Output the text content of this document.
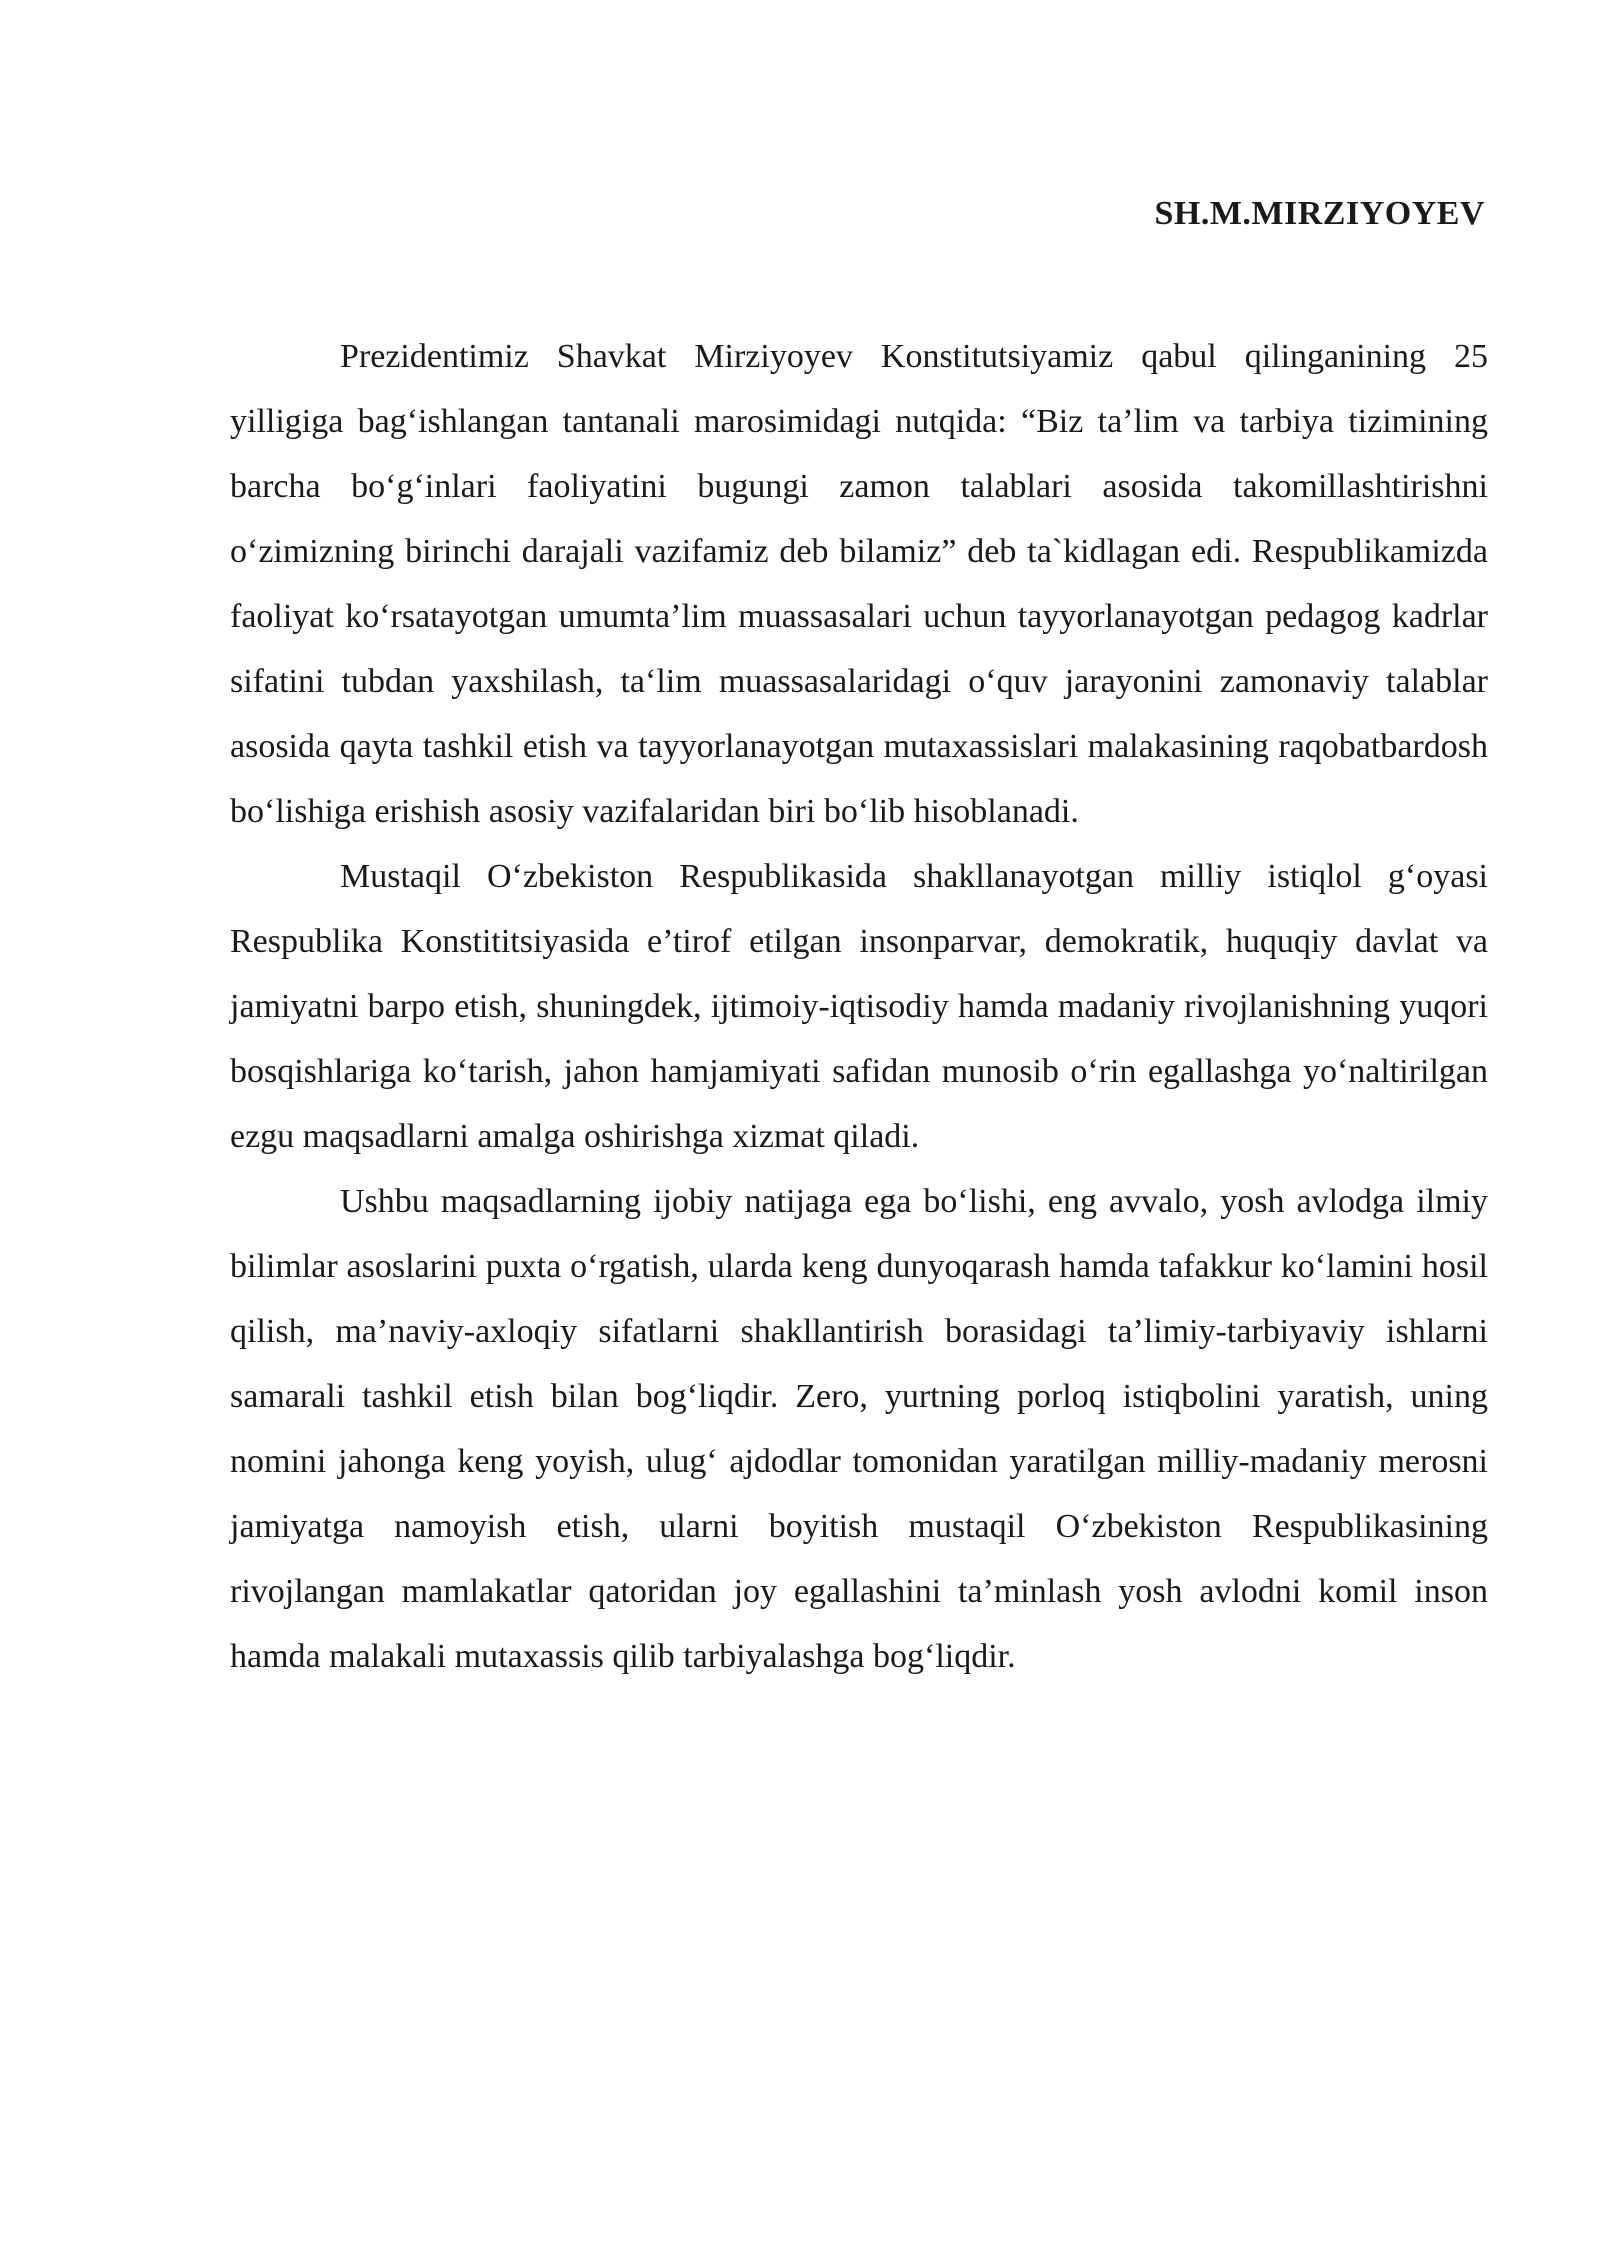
SH.M.MIRZIYOYEV

Prezidentimiz Shavkat Mirziyoyev Konstitutsiyamiz qabul qilinganining 25 yilligiga bag‘ishlangan tantanali marosimidagi nutqida: “Biz ta’lim va tarbiya tizimining barcha bo‘g‘inlari faoliyatini bugungi zamon talablari asosida takomillashtirishni o‘zimizning birinchi darajali vazifamiz deb bilamiz” deb ta`kidlagan edi. Respublikamizda faoliyat ko‘rsatayotgan umumta’lim muassasalari uchun tayyorlanayotgan pedagog kadrlar sifatini tubdan yaxshilash, ta‘lim muassasalaridagi o‘quv jarayonini zamonaviy talablar asosida qayta tashkil etish va tayyorlanayotgan mutaxassislari malakasining raqobatbardosh bo‘lishiga erishish asosiy vazifalaridan biri bo‘lib hisoblanadi.

Mustaqil O‘zbekiston Respublikasida shakllanayotgan milliy istiqlol g‘oyasi Respublika Konstititsiyasida e’tirof etilgan insonparvar, demokratik, huquqiy davlat va jamiyatni barpo etish, shuningdek, ijtimoiy-iqtisodiy hamda madaniy rivojlanishning yuqori bosqishlariga ko‘tarish, jahon hamjamiyati safidan munosib o‘rin egallashga yo‘naltirilgan ezgu maqsadlarni amalga oshirishga xizmat qiladi.

Ushbu maqsadlarning ijobiy natijaga ega bo‘lishi, eng avvalo, yosh avlodga ilmiy bilimlar asoslarini puxta o‘rgatish, ularda keng dunyoqarash hamda tafakkur ko‘lamini hosil qilish, ma’naviy-axloqiy sifatlarni shakllantirish borasidagi ta’limiy-tarbiyaviy ishlarni samarali tashkil etish bilan bog‘liqdir. Zero, yurtning porloq istiqbolini yaratish, uning nomini jahonga keng yoyish, ulug‘ ajdodlar tomonidan yaratilgan milliy-madaniy merosni jamiyatga namoyish etish, ularni boyitish mustaqil O‘zbekiston Respublikasining rivojlangan mamlakatlar qatoridan joy egallashini ta’minlash yosh avlodni komil inson hamda malakali mutaxassis qilib tarbiyalashga bog‘liqdir.
